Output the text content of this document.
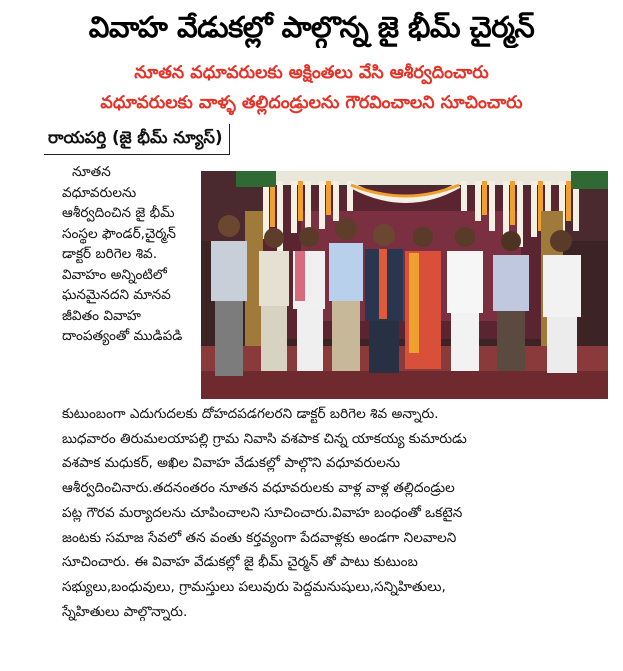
వివాహ వేడుకల్లో పాల్గొన్న జై భీమ్ చైర్మన్
నూతన వధూవరులకు అక్షింతలు వేసి ఆశీర్వదించారు
వధూవరులకు వాళ్ళ తల్లిదండ్రులను గౌరవించాలని సూచించారు
రాయపర్తి (జై భీమ్ న్యూస్)
నూతన
వధూవరులను
ఆశీర్వదించిన జై భీమ్
సంస్థల ఫౌండర్,చైర్మన్
డాక్టర్ బరిగెల శివ.
వివాహం అన్నింటిలో
ఘనమైనదని మానవ
జీవితం వివాహ
దాంపత్యంతో ముడిపడి
కుటుంబంగా ఎదుగుదలకు దోహదపడగలరని డాక్టర్ బరిగెల శివ అన్నారు.
బుధవారం తిరుమలయాపల్లి గ్రామ నివాసి వశపాక చిన్న యాకయ్య కుమారుడు
వశపాక మధుకర్, అఖిల వివాహ వేడుకల్లో పాల్గొని వధూవరులను
ఆశీర్వదించినారు.తదనంతరం నూతన వధూవరులకు వాళ్ల వాళ్ల తల్లిదండ్రుల
పట్ల గౌరవ మర్యాదలను చూపించాలని సూచించారు.వివాహ బంధంతో ఒకటైన
జంటకు సమాజ సేవలో తన వంతు కర్తవ్యంగా పేదవాళ్లకు అండగా నిలవాలని
సూచించారు. ఈ వివాహ వేడుకల్లో జై భీమ్ చైర్మన్ తో పాటు కుటుంబ
సభ్యులు,బంధువులు, గ్రామస్తులు పలువురు పెద్దమనుషులు,సన్నిహితులు,
స్నేహితులు పాల్గొన్నారు.
